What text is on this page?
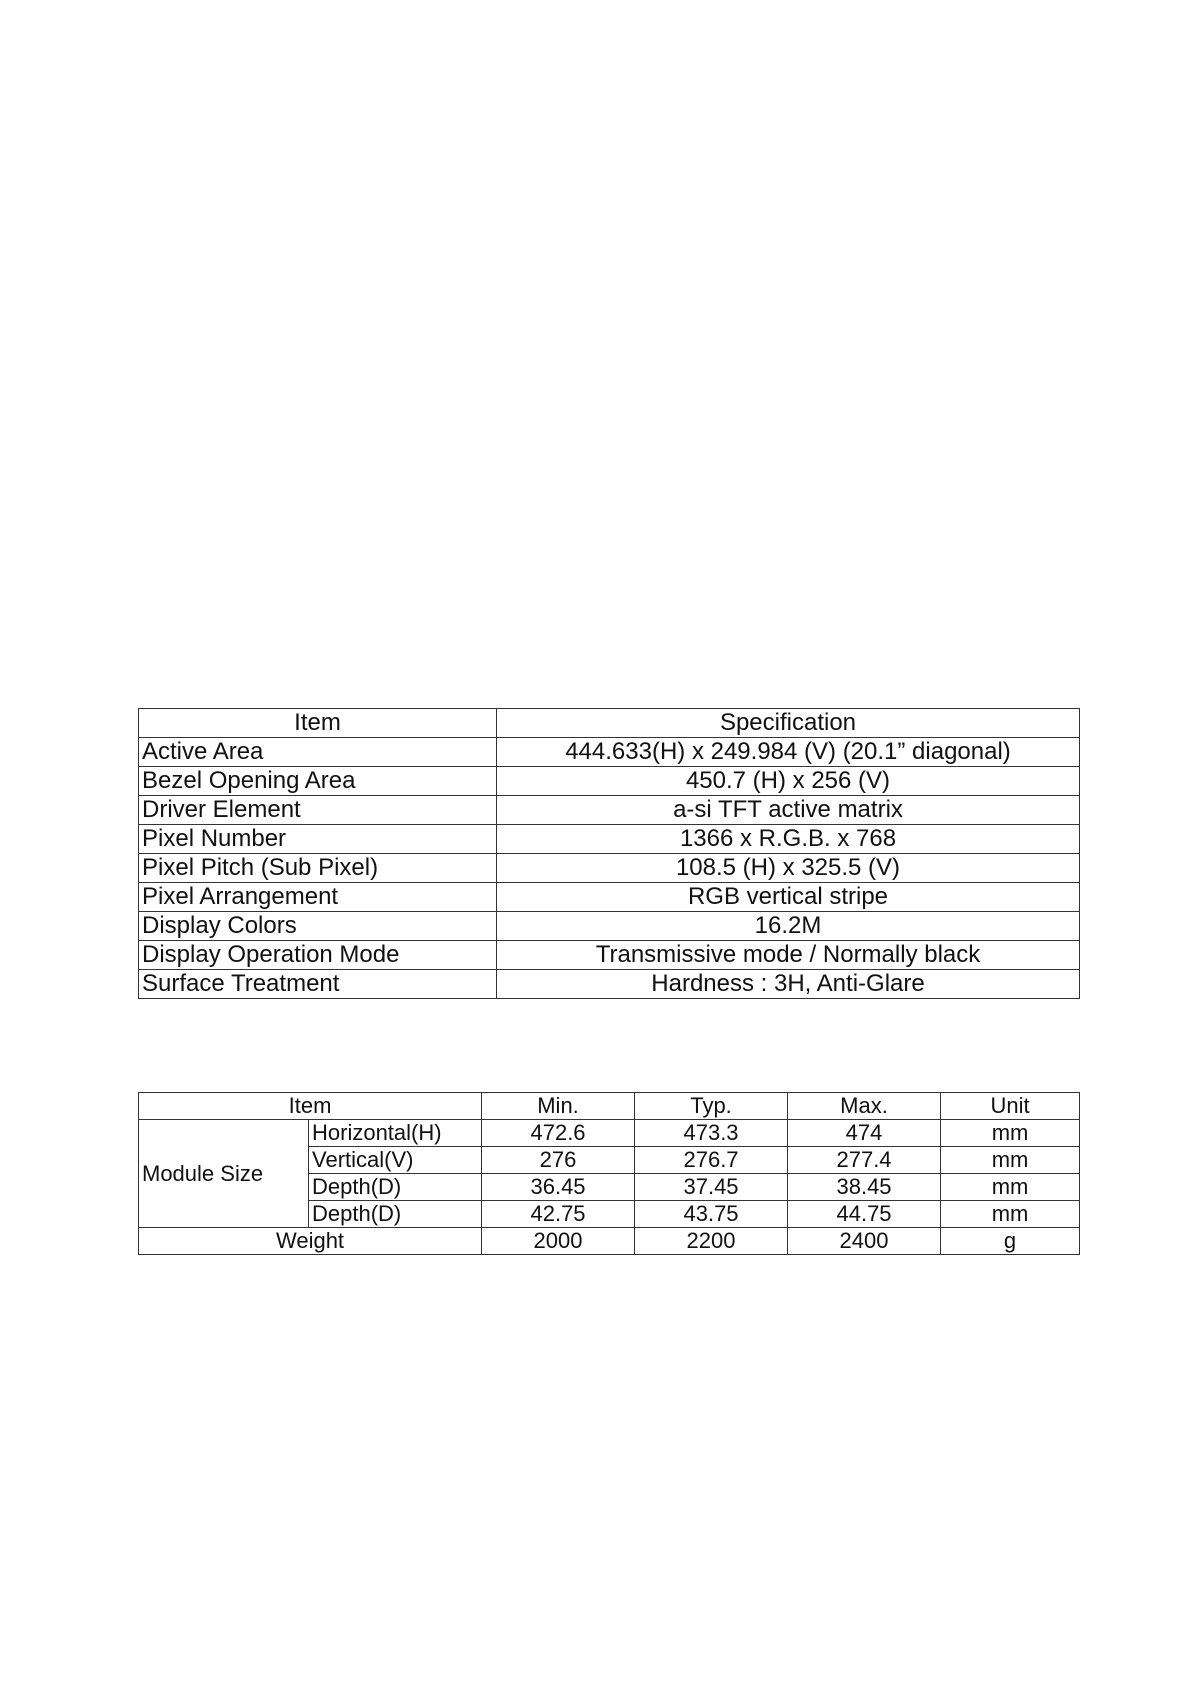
Item	Specification
Active Area	444.633(H) x 249.984 (V) (20.1” diagonal)
Bezel Opening Area	450.7 (H) x 256 (V)
Driver Element	a-si TFT active matrix
Pixel Number	1366 x R.G.B. x 768
Pixel Pitch (Sub Pixel)	108.5 (H) x 325.5 (V)
Pixel Arrangement	RGB vertical stripe
Display Colors	16.2M
Display Operation Mode	Transmissive mode / Normally black
Surface Treatment	Hardness : 3H, Anti-Glare
Item		Min.	Typ.	Max.	Unit
Module Size	Horizontal(H)	472.6	473.3	474	mm
	Vertical(V)	276	276.7	277.4	mm
	Depth(D)	36.45	37.45	38.45	mm
	Depth(D)	42.75	43.75	44.75	mm
Weight		2000	2200	2400	g
